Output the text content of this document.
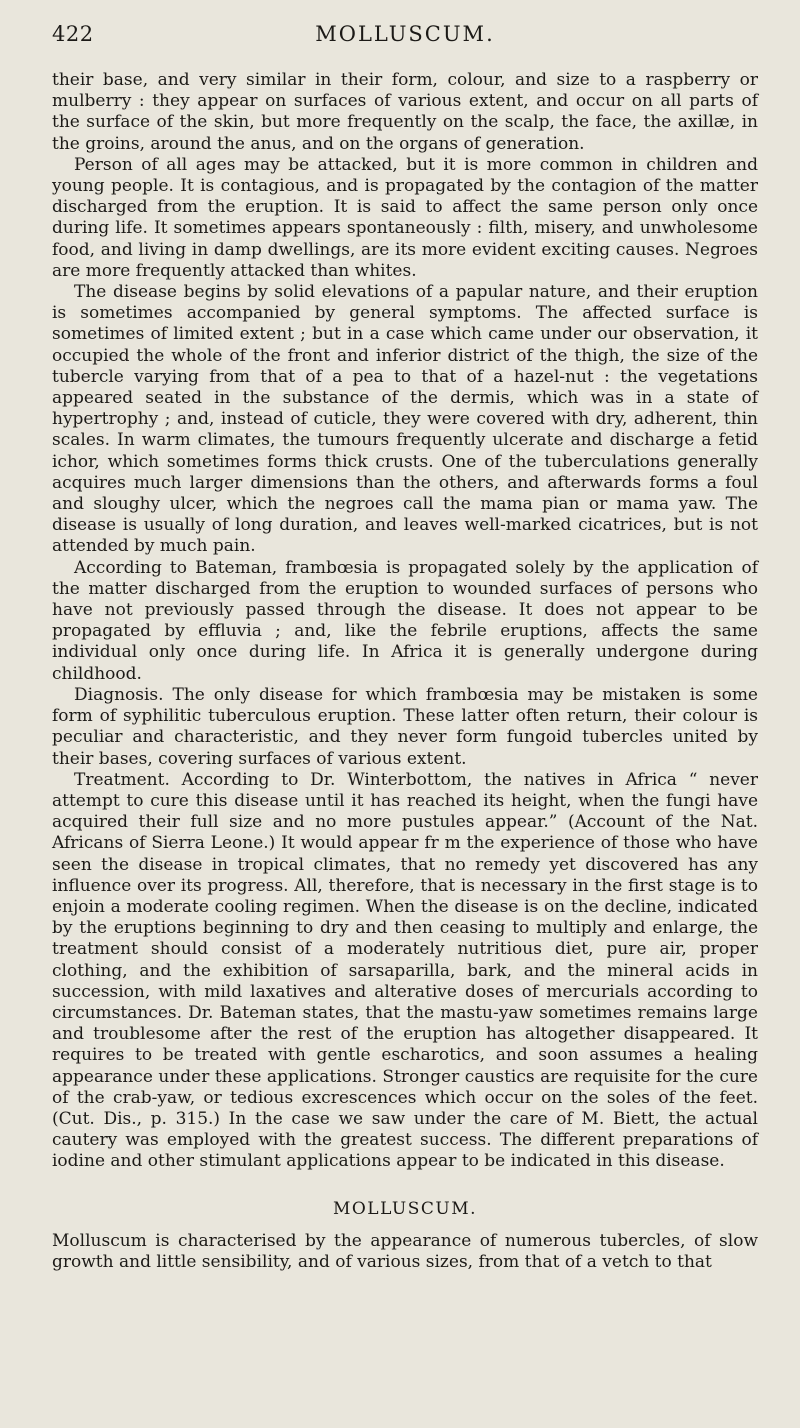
422	MOLLUSCUM.

their base, and very similar in their form, colour, and size to a raspberry or mulberry : they appear on surfaces of various extent, and occur on all parts of the surface of the skin, but more frequently on the scalp, the face, the axillæ, in the groins, around the anus, and on the organs of generation.

Person of all ages may be attacked, but it is more common in children and young people. It is contagious, and is propagated by the contagion of the matter discharged from the eruption. It is said to affect the same person only once during life. It sometimes appears spontaneously : filth, misery, and unwholesome food, and living in damp dwellings, are its more evident exciting causes. Negroes are more frequently attacked than whites.

The disease begins by solid elevations of a papular nature, and their eruption is sometimes accompanied by general symptoms. The affected surface is sometimes of limited extent ; but in a case which came under our observation, it occupied the whole of the front and inferior district of the thigh, the size of the tubercle varying from that of a pea to that of a hazel-nut : the vegetations appeared seated in the substance of the dermis, which was in a state of hypertrophy ; and, instead of cuticle, they were covered with dry, adherent, thin scales. In warm climates, the tumours frequently ulcerate and discharge a fetid ichor, which sometimes forms thick crusts. One of the tuberculations generally acquires much larger dimensions than the others, and afterwards forms a foul and sloughy ulcer, which the negroes call the mama pian or mama yaw. The disease is usually of long duration, and leaves well-marked cicatrices, but is not attended by much pain.

According to Bateman, frambœsia is propagated solely by the application of the matter discharged from the eruption to wounded surfaces of persons who have not previously passed through the disease. It does not appear to be propagated by effluvia ; and, like the febrile eruptions, affects the same individual only once during life. In Africa it is generally undergone during childhood.

Diagnosis. The only disease for which frambœsia may be mistaken is some form of syphilitic tuberculous eruption. These latter often return, their colour is peculiar and characteristic, and they never form fungoid tubercles united by their bases, covering surfaces of various extent.

Treatment. According to Dr. Winterbottom, the natives in Africa “ never attempt to cure this disease until it has reached its height, when the fungi have acquired their full size and no more pustules appear.” (Account of the Nat. Africans of Sierra Leone.) It would appear fr m the experience of those who have seen the disease in tropical climates, that no remedy yet discovered has any influence over its progress. All, therefore, that is necessary in the first stage is to enjoin a moderate cooling regimen. When the disease is on the decline, indicated by the eruptions beginning to dry and then ceasing to multiply and enlarge, the treatment should consist of a moderately nutritious diet, pure air, proper clothing, and the exhibition of sarsaparilla, bark, and the mineral acids in succession, with mild laxatives and alterative doses of mercurials according to circumstances. Dr. Bateman states, that the mastu-yaw sometimes remains large and troublesome after the rest of the eruption has altogether disappeared. It requires to be treated with gentle escharotics, and soon assumes a healing appearance under these applications. Stronger caustics are requisite for the cure of the crab-yaw, or tedious excrescences which occur on the soles of the feet. (Cut. Dis., p. 315.) In the case we saw under the care of M. Biett, the actual cautery was employed with the greatest success. The different preparations of iodine and other stimulant applications appear to be indicated in this disease.

MOLLUSCUM.

Molluscum is characterised by the appearance of numerous tubercles, of slow growth and little sensibility, and of various sizes, from that of a vetch to that
